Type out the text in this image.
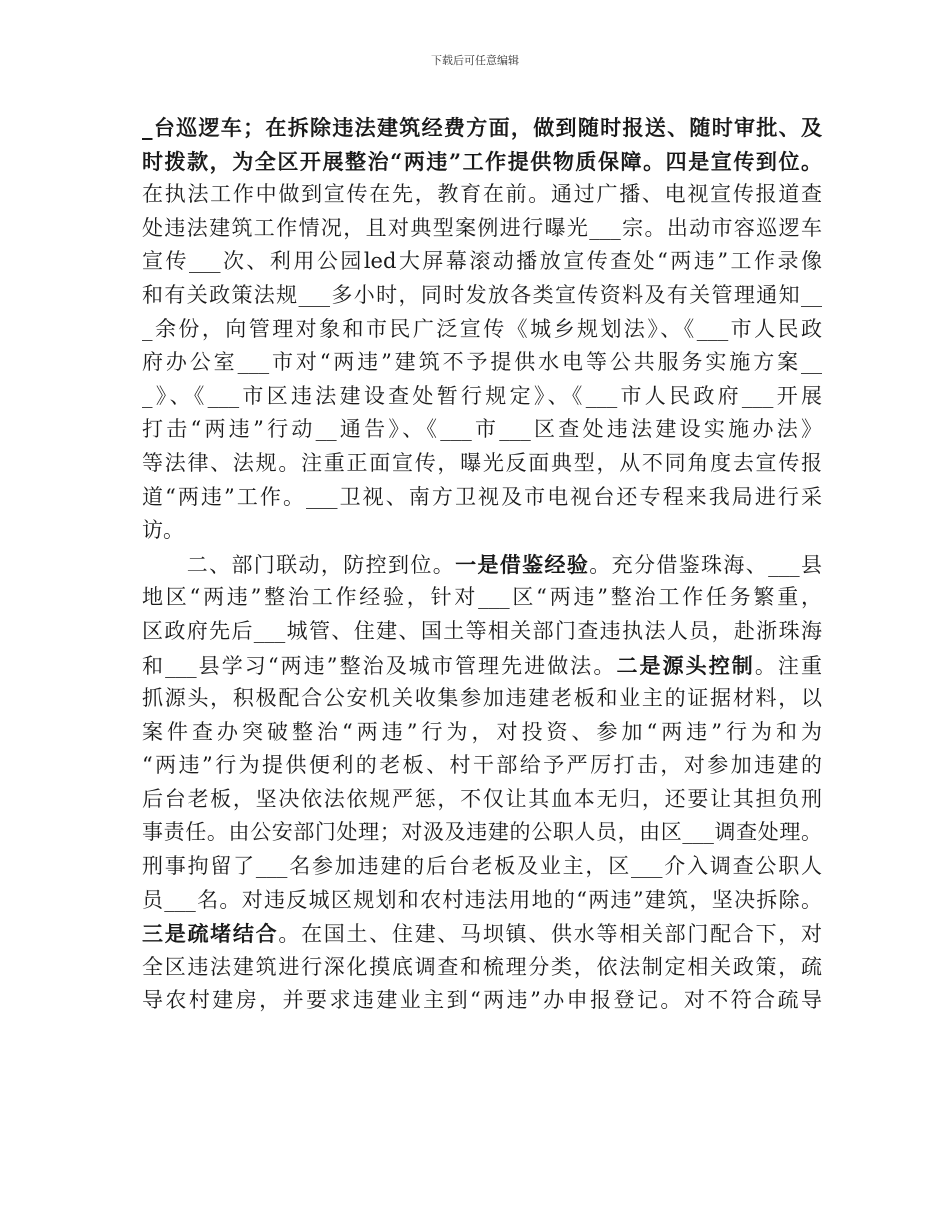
下载后可任意编辑
_台巡逻车；在拆除违法建筑经费方面，做到随时报送、随时审批、及
时拨款，为全区开展整治“两违”工作提供物质保障。四是宣传到位。
在执法工作中做到宣传在先，教育在前。通过广播、电视宣传报道查
处违法建筑工作情况，且对典型案例进行曝光___宗。出动市容巡逻车
宣传___次、利用公园led大屏幕滚动播放宣传查处“两违”工作录像
和有关政策法规___多小时，同时发放各类宣传资料及有关管理通知__
_余份，向管理对象和市民广泛宣传《城乡规划法》、《___市人民政
府办公室___市对“两违”建筑不予提供水电等公共服务实施方案__
_》、《___市区违法建设查处暂行规定》、《___市人民政府___开展
打击“两违”行动__通告》、《___市___区查处违法建设实施办法》
等法律、法规。注重正面宣传，曝光反面典型，从不同角度去宣传报
道“两违”工作。___卫视、南方卫视及市电视台还专程来我局进行采
访。
　　二、部门联动，防控到位。一是借鉴经验。充分借鉴珠海、___县
地区“两违”整治工作经验，针对___区“两违”整治工作任务繁重，
区政府先后___城管、住建、国土等相关部门查违执法人员，赴浙珠海
和___县学习“两违”整治及城市管理先进做法。二是源头控制。注重
抓源头，积极配合公安机关收集参加违建老板和业主的证据材料，以
案件查办突破整治“两违”行为，对投资、参加“两违”行为和为
“两违”行为提供便利的老板、村干部给予严厉打击，对参加违建的
后台老板，坚决依法依规严惩，不仅让其血本无归，还要让其担负刑
事责任。由公安部门处理；对汲及违建的公职人员，由区___调查处理。
刑事拘留了___名参加违建的后台老板及业主，区___介入调查公职人
员___名。对违反城区规划和农村违法用地的“两违”建筑，坚决拆除。
三是疏堵结合。在国土、住建、马坝镇、供水等相关部门配合下，对
全区违法建筑进行深化摸底调查和梳理分类，依法制定相关政策，疏
导农村建房，并要求违建业主到“两违”办申报登记。对不符合疏导
